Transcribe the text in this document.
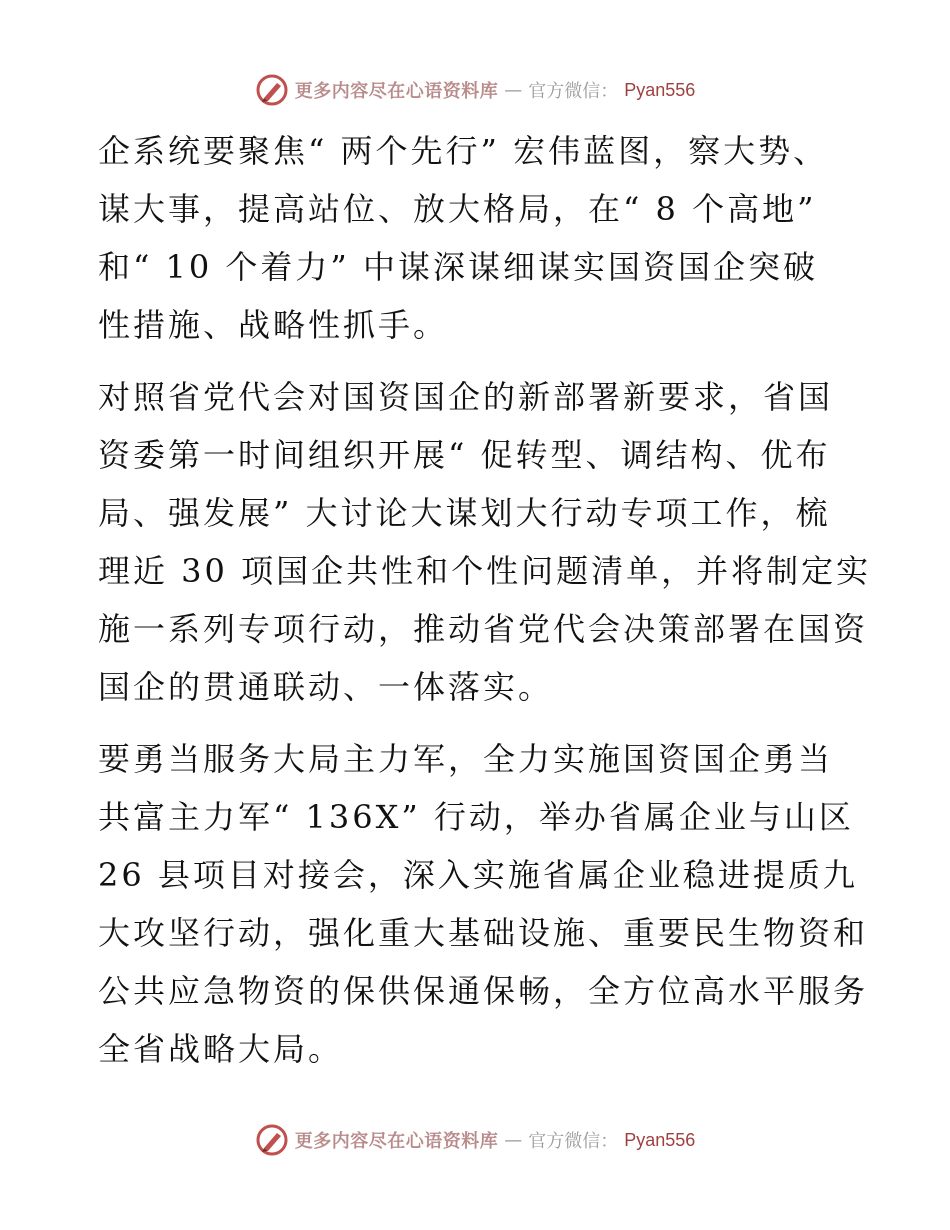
更多内容尽在心语资料库 — 官方微信： Pyan556
企系统要聚焦“ 两个先行” 宏伟蓝图，察大势、
谋大事，提高站位、放大格局，在“ 8 个高地”
和“ 10 个着力” 中谋深谋细谋实国资国企突破
性措施、战略性抓手。
对照省党代会对国资国企的新部署新要求，省国
资委第一时间组织开展“ 促转型、调结构、优布
局、强发展” 大讨论大谋划大行动专项工作，梳
理近 30 项国企共性和个性问题清单，并将制定实
施一系列专项行动，推动省党代会决策部署在国资
国企的贯通联动、一体落实。
要勇当服务大局主力军，全力实施国资国企勇当
共富主力军“ 136X” 行动，举办省属企业与山区
26 县项目对接会，深入实施省属企业稳进提质九
大攻坚行动，强化重大基础设施、重要民生物资和
公共应急物资的保供保通保畅，全方位高水平服务
全省战略大局。
更多内容尽在心语资料库 — 官方微信： Pyan556
